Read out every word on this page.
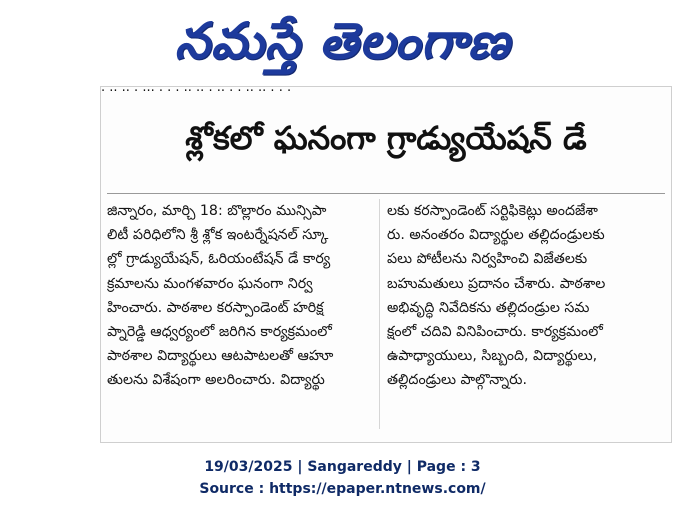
నమస్తే తెలంగాణ
· ·· ·· · ··· · · · ·· ·· · ·· · · ·· ·· · · ·
శ్లోకలో ఘనంగా గ్రాడ్యుయేషన్ డే
జిన్నారం, మార్చి 18: బొల్లారం మున్సిపా
లిటీ పరిధిలోని శ్రీ శ్లోక ఇంటర్నేషనల్ స్కూ
ల్లో గ్రాడ్యుయేషన్, ఓరియంటేషన్ డే కార్య
క్రమాలను మంగళవారం ఘనంగా నిర్వ
హించారు. పాఠశాల కరస్పాండెంట్ హరిక్ష
ప్నారెడ్డి ఆధ్వర్యంలో జరిగిన కార్యక్రమంలో
పాఠశాల విద్యార్థులు ఆటపాటలతో ఆహూ
తులను విశేషంగా అలరించారు. విద్యార్థు
లకు కరస్పాండెంట్ సర్టిఫికెట్లు అందజేశా
రు. అనంతరం విద్యార్థుల తల్లిదండ్రులకు
పలు పోటీలను నిర్వహించి విజేతలకు
బహుమతులు ప్రదానం చేశారు. పాఠశాల
అభివృద్ధి నివేదికను తల్లిదండ్రుల సమ
క్షంలో చదివి వినిపించారు. కార్యక్రమంలో
ఉపాధ్యాయులు, సిబ్బంది, విద్యార్థులు,
తల్లిదండ్రులు పాల్గొన్నారు.
19/03/2025 | Sangareddy | Page : 3
Source : https://epaper.ntnews.com/
